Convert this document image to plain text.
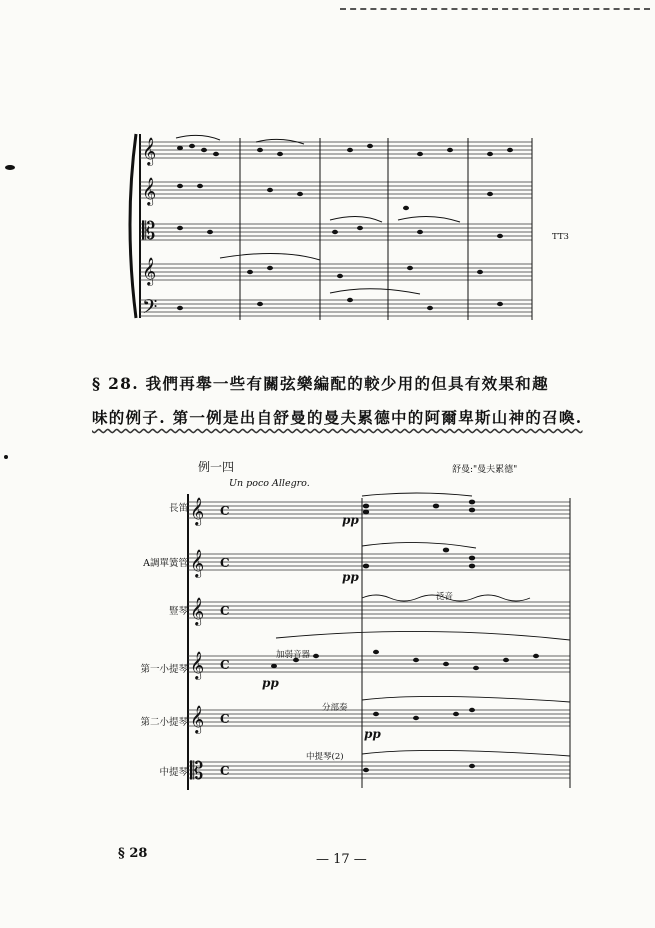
𝄞
𝄞
𝄡
𝄞
𝄢

§ 28. 我們再舉一些有關弦樂編配的較少用的但具有效果和趣

味的例子. 第一例是出自舒曼的曼夫累德中的阿爾卑斯山神的召喚.

例一四	舒曼:"曼夫累德"
Un poco Allegro.
長笛
A調單簧管
豎琴
第一小提琴
第二小提琴
中提琴
𝄞
𝄞
𝄞
𝄞
𝄞
𝄡
C
C
C
C
C
C
pp
pp
pp
pp
泛音
加弱音器
分部奏
中提琴(2)
TT3
§ 28	— 17 —
